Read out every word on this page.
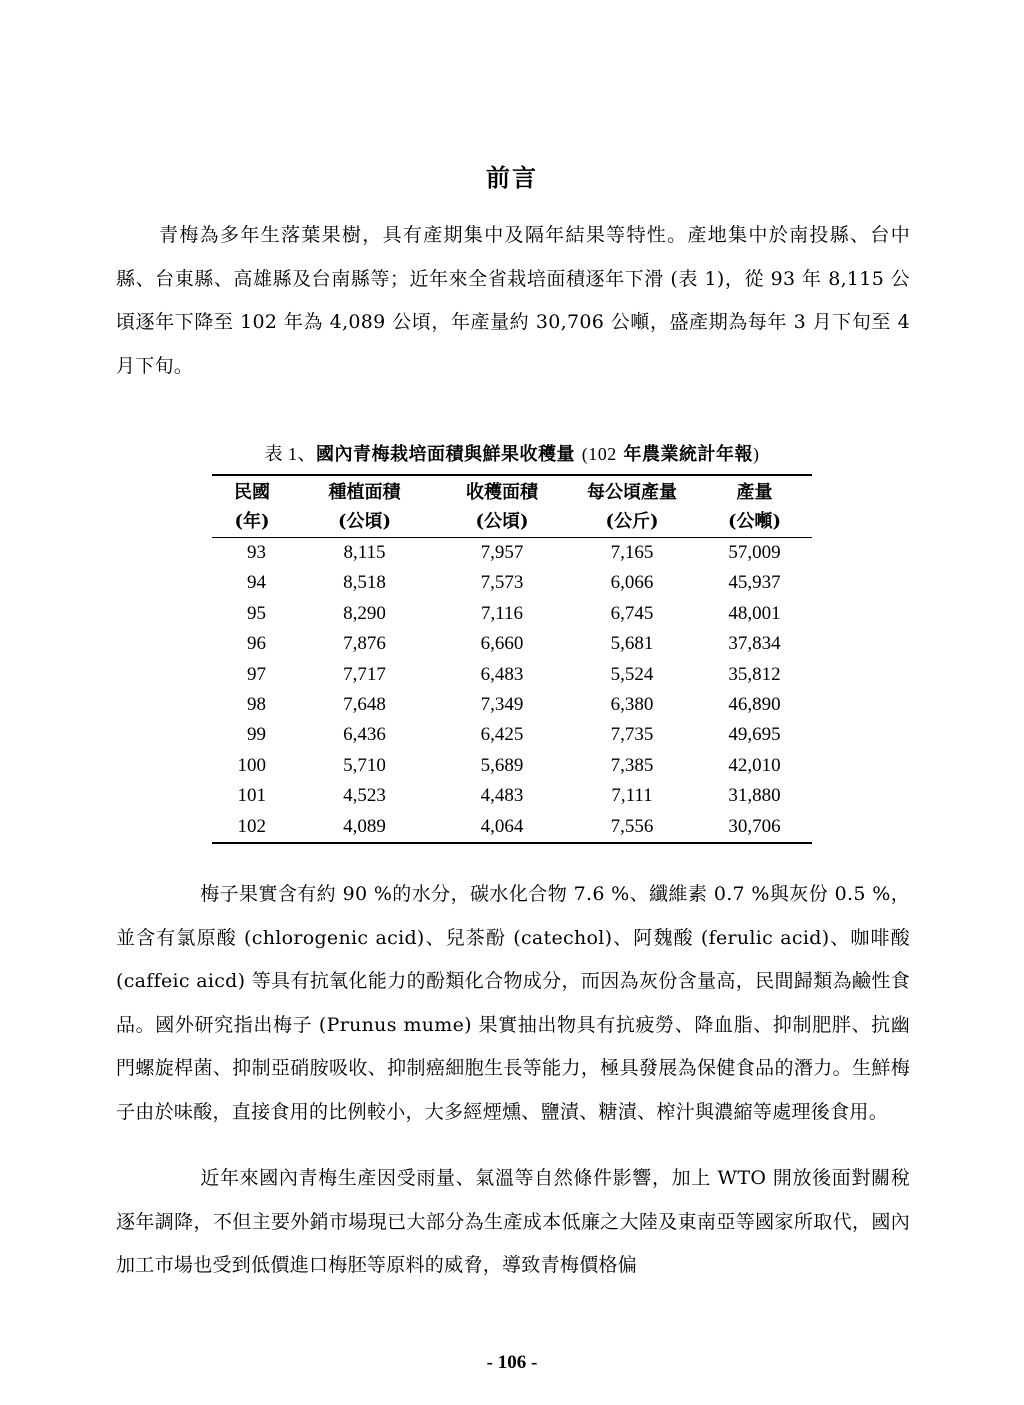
前言

青梅為多年生落葉果樹，具有產期集中及隔年結果等特性。產地集中於南投縣、台中縣、台東縣、高雄縣及台南縣等；近年來全省栽培面積逐年下滑 (表 1)，從 93 年 8,115 公頃逐年下降至 102 年為 4,089 公頃，年產量約 30,706 公噸，盛產期為每年 3 月下旬至 4 月下旬。

表 1、國內青梅栽培面積與鮮果收穫量 (102 年農業統計年報)
民國	種植面積	收穫面積	每公頃產量	產量
(年)	(公頃)	(公頃)	(公斤)	(公噸)
93	8,115	7,957	7,165	57,009
94	8,518	7,573	6,066	45,937
95	8,290	7,116	6,745	48,001
96	7,876	6,660	5,681	37,834
97	7,717	6,483	5,524	35,812
98	7,648	7,349	6,380	46,890
99	6,436	6,425	7,735	49,695
100	5,710	5,689	7,385	42,010
101	4,523	4,483	7,111	31,880
102	4,089	4,064	7,556	30,706

梅子果實含有約 90 %的水分，碳水化合物 7.6 %、纖維素 0.7 %與灰份 0.5 %，並含有氯原酸 (chlorogenic acid)、兒茶酚 (catechol)、阿魏酸 (ferulic acid)、咖啡酸 (caffeic aicd) 等具有抗氧化能力的酚類化合物成分，而因為灰份含量高，民間歸類為鹼性食品。國外研究指出梅子 (Prunus mume) 果實抽出物具有抗疲勞、降血脂、抑制肥胖、抗幽門螺旋桿菌、抑制亞硝胺吸收、抑制癌細胞生長等能力，極具發展為保健食品的潛力。生鮮梅子由於味酸，直接食用的比例較小，大多經煙燻、鹽漬、糖漬、榨汁與濃縮等處理後食用。

近年來國內青梅生產因受雨量、氣溫等自然條件影響，加上 WTO 開放後面對關稅逐年調降，不但主要外銷市場現已大部分為生產成本低廉之大陸及東南亞等國家所取代，國內加工市場也受到低價進口梅胚等原料的威脅，導致青梅價格偏

- 106 -
